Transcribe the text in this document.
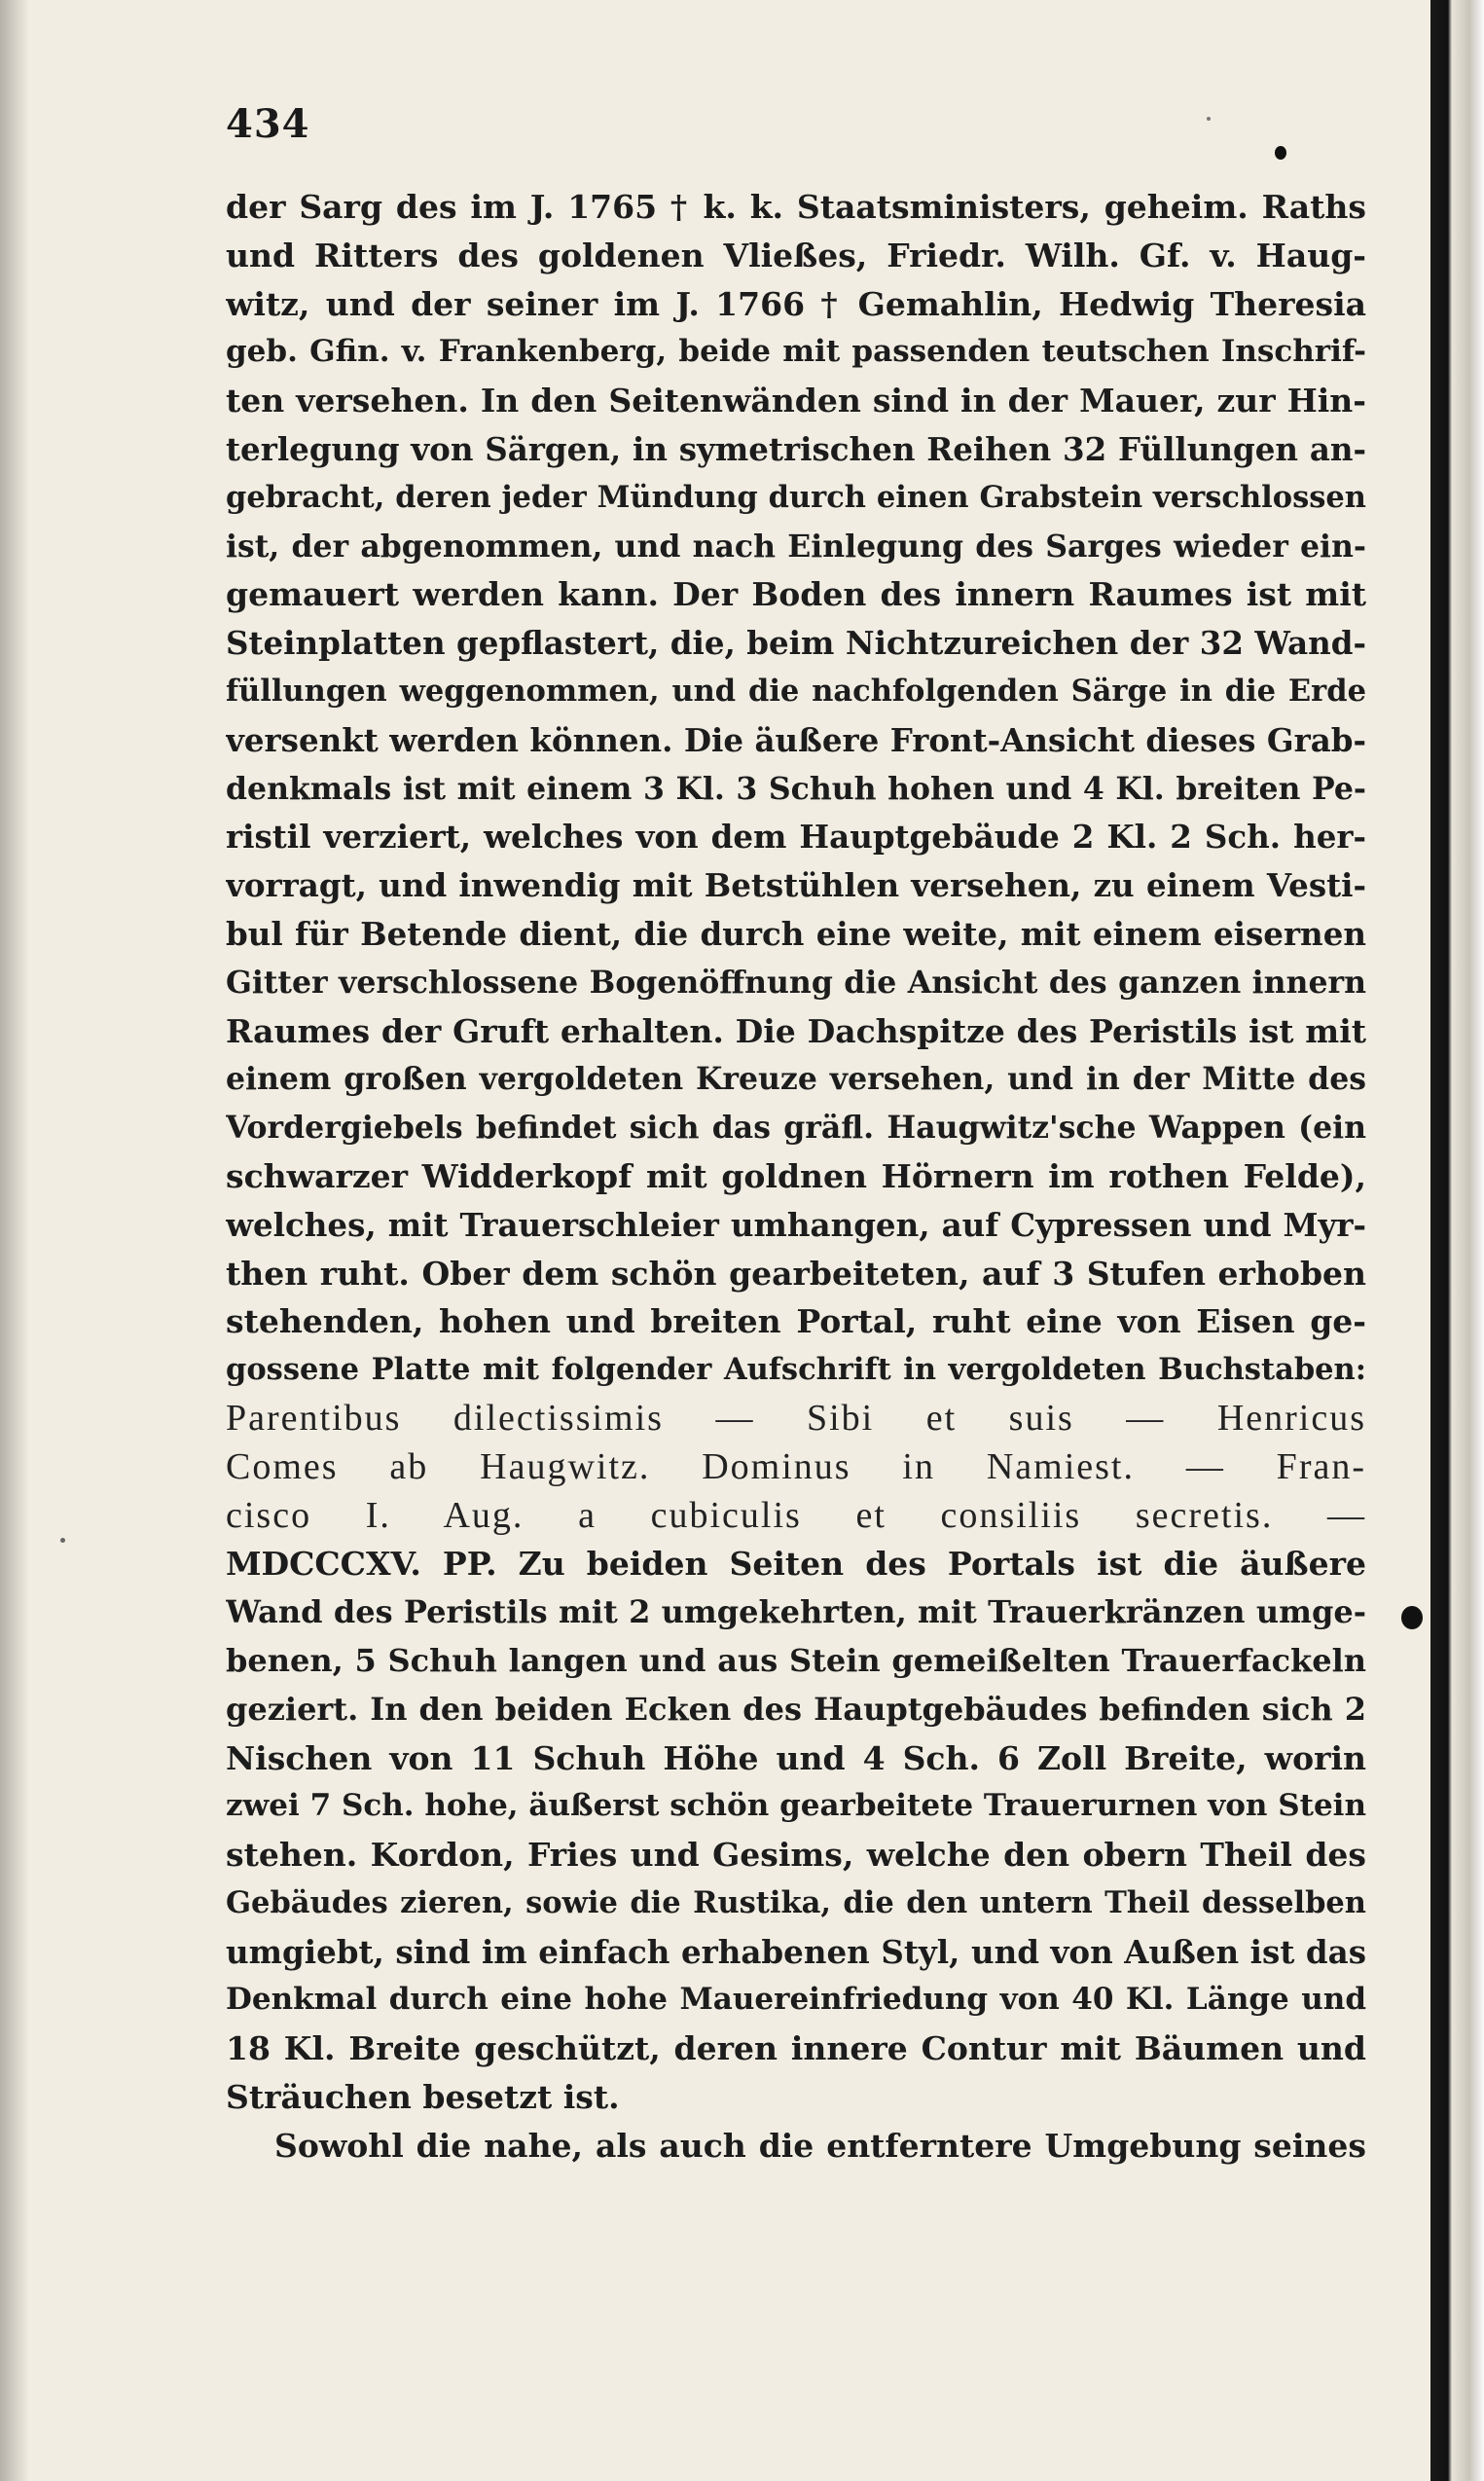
434
der Sarg des im J. 1765 † k. k. Staatsministers, geheim. Raths
und Ritters des goldenen Vließes, Friedr. Wilh. Gf. v. Haug-
witz, und der seiner im J. 1766 † Gemahlin, Hedwig Theresia
geb. Gfin. v. Frankenberg, beide mit passenden teutschen Inschrif-
ten versehen. In den Seitenwänden sind in der Mauer, zur Hin-
terlegung von Särgen, in symetrischen Reihen 32 Füllungen an-
gebracht, deren jeder Mündung durch einen Grabstein verschlossen
ist, der abgenommen, und nach Einlegung des Sarges wieder ein-
gemauert werden kann. Der Boden des innern Raumes ist mit
Steinplatten gepflastert, die, beim Nichtzureichen der 32 Wand-
füllungen weggenommen, und die nachfolgenden Särge in die Erde
versenkt werden können. Die äußere Front-Ansicht dieses Grab-
denkmals ist mit einem 3 Kl. 3 Schuh hohen und 4 Kl. breiten Pe-
ristil verziert, welches von dem Hauptgebäude 2 Kl. 2 Sch. her-
vorragt, und inwendig mit Betstühlen versehen, zu einem Vesti-
bul für Betende dient, die durch eine weite, mit einem eisernen
Gitter verschlossene Bogenöffnung die Ansicht des ganzen innern
Raumes der Gruft erhalten. Die Dachspitze des Peristils ist mit
einem großen vergoldeten Kreuze versehen, und in der Mitte des
Vordergiebels befindet sich das gräfl. Haugwitz'sche Wappen (ein
schwarzer Widderkopf mit goldnen Hörnern im rothen Felde),
welches, mit Trauerschleier umhangen, auf Cypressen und Myr-
then ruht. Ober dem schön gearbeiteten, auf 3 Stufen erhoben
stehenden, hohen und breiten Portal, ruht eine von Eisen ge-
gossene Platte mit folgender Aufschrift in vergoldeten Buchstaben:
Parentibus dilectissimis — Sibi et suis — Henricus
Comes ab Haugwitz. Dominus in Namiest. — Fran-
cisco I. Aug. a cubiculis et consiliis secretis. —
MDCCCXV. PP. Zu beiden Seiten des Portals ist die äußere
Wand des Peristils mit 2 umgekehrten, mit Trauerkränzen umge-
benen, 5 Schuh langen und aus Stein gemeißelten Trauerfackeln
geziert. In den beiden Ecken des Hauptgebäudes befinden sich 2
Nischen von 11 Schuh Höhe und 4 Sch. 6 Zoll Breite, worin
zwei 7 Sch. hohe, äußerst schön gearbeitete Trauerurnen von Stein
stehen. Kordon, Fries und Gesims, welche den obern Theil des
Gebäudes zieren, sowie die Rustika, die den untern Theil desselben
umgiebt, sind im einfach erhabenen Styl, und von Außen ist das
Denkmal durch eine hohe Mauereinfriedung von 40 Kl. Länge und
18 Kl. Breite geschützt, deren innere Contur mit Bäumen und
Sträuchen besetzt ist.
Sowohl die nahe, als auch die entferntere Umgebung seines
